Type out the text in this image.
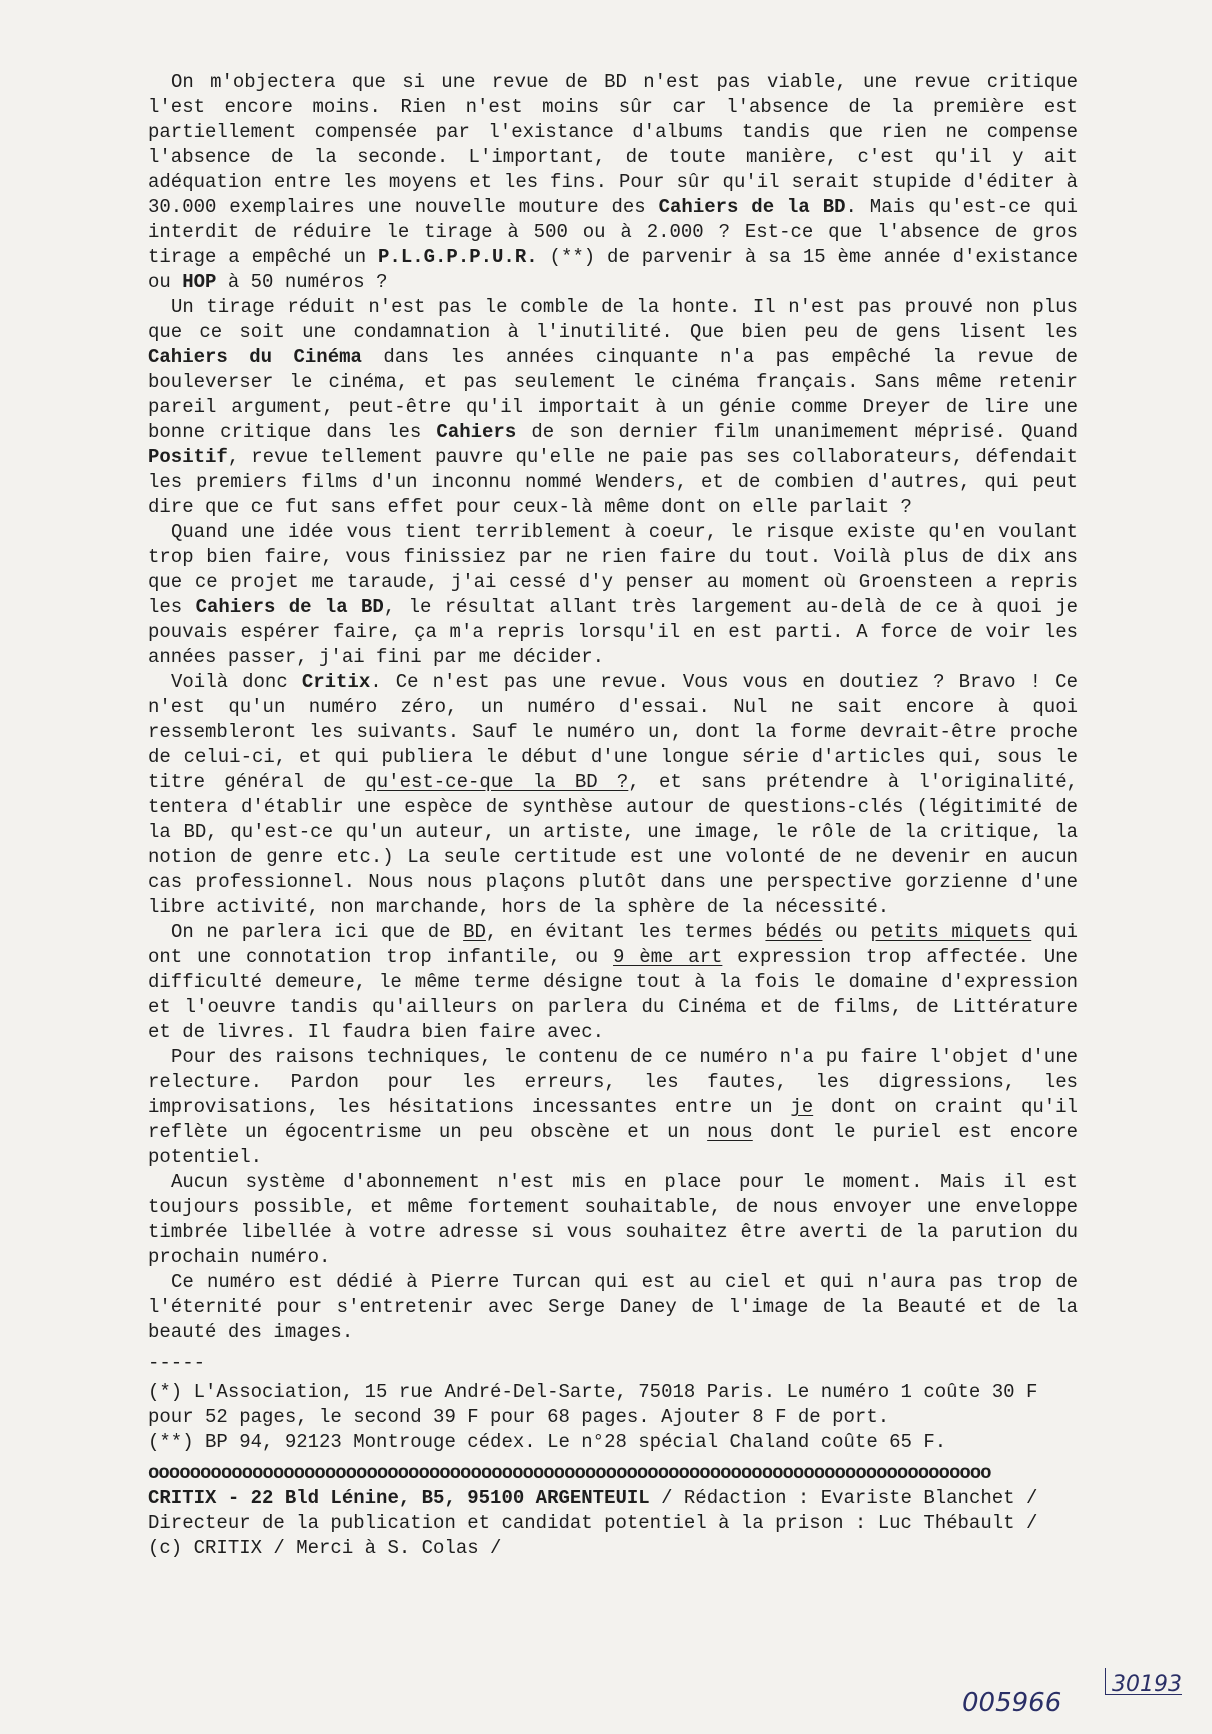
On m'objectera que si une revue de BD n'est pas viable, une revue critique l'est encore moins. Rien n'est moins sûr car l'absence de la première est partiellement compensée par l'existance d'albums tandis que rien ne compense l'absence de la seconde. L'important, de toute manière, c'est qu'il y ait adéquation entre les moyens et les fins. Pour sûr qu'il serait stupide d'éditer à 30.000 exemplaires une nouvelle mouture des Cahiers de la BD. Mais qu'est-ce qui interdit de réduire le tirage à 500 ou à 2.000 ? Est-ce que l'absence de gros tirage a empêché un P.L.G.P.P.U.R. (**) de parvenir à sa 15 ème année d'existance ou HOP à 50 numéros ?

Un tirage réduit n'est pas le comble de la honte. Il n'est pas prouvé non plus que ce soit une condamnation à l'inutilité. Que bien peu de gens lisent les Cahiers du Cinéma dans les années cinquante n'a pas empêché la revue de bouleverser le cinéma, et pas seulement le cinéma français. Sans même retenir pareil argument, peut-être qu'il importait à un génie comme Dreyer de lire une bonne critique dans les Cahiers de son dernier film unanimement méprisé. Quand Positif, revue tellement pauvre qu'elle ne paie pas ses collaborateurs, défendait les premiers films d'un inconnu nommé Wenders, et de combien d'autres, qui peut dire que ce fut sans effet pour ceux-là même dont on elle parlait ?

Quand une idée vous tient terriblement à coeur, le risque existe qu'en voulant trop bien faire, vous finissiez par ne rien faire du tout. Voilà plus de dix ans que ce projet me taraude, j'ai cessé d'y penser au moment où Groensteen a repris les Cahiers de la BD, le résultat allant très largement au-delà de ce à quoi je pouvais espérer faire, ça m'a repris lorsqu'il en est parti. A force de voir les années passer, j'ai fini par me décider.

Voilà donc Critix. Ce n'est pas une revue. Vous vous en doutiez ? Bravo ! Ce n'est qu'un numéro zéro, un numéro d'essai. Nul ne sait encore à quoi ressembleront les suivants. Sauf le numéro un, dont la forme devrait-être proche de celui-ci, et qui publiera le début d'une longue série d'articles qui, sous le titre général de qu'est-ce-que la BD ?, et sans prétendre à l'originalité, tentera d'établir une espèce de synthèse autour de questions-clés (légitimité de la BD, qu'est-ce qu'un auteur, un artiste, une image, le rôle de la critique, la notion de genre etc.) La seule certitude est une volonté de ne devenir en aucun cas professionnel. Nous nous plaçons plutôt dans une perspective gorzienne d'une libre activité, non marchande, hors de la sphère de la nécessité.

On ne parlera ici que de BD, en évitant les termes bédés ou petits miquets qui ont une connotation trop infantile, ou 9 ème art expression trop affectée. Une difficulté demeure, le même terme désigne tout à la fois le domaine d'expression et l'oeuvre tandis qu'ailleurs on parlera du Cinéma et de films, de Littérature et de livres. Il faudra bien faire avec.

Pour des raisons techniques, le contenu de ce numéro n'a pu faire l'objet d'une relecture. Pardon pour les erreurs, les fautes, les digressions, les improvisations, les hésitations incessantes entre un je dont on craint qu'il reflète un égocentrisme un peu obscène et un nous dont le puriel est encore potentiel.

Aucun système d'abonnement n'est mis en place pour le moment. Mais il est toujours possible, et même fortement souhaitable, de nous envoyer une enveloppe timbrée libellée à votre adresse si vous souhaitez être averti de la parution du prochain numéro.

Ce numéro est dédié à Pierre Turcan qui est au ciel et qui n'aura pas trop de l'éternité pour s'entretenir avec Serge Daney de l'image de la Beauté et de la beauté des images.

-----

(*) L'Association, 15 rue André-Del-Sarte, 75018 Paris. Le numéro 1 coûte 30 F pour 52 pages, le second 39 F pour 68 pages. Ajouter 8 F de port.

(**) BP 94, 92123 Montrouge cédex. Le n°28 spécial Chaland coûte 65 F.

ooooooooooooooooooooooooooooooooooooooooooooooooooooooooooooooooooooooooooooooooo

CRITIX - 22 Bld Lénine, B5, 95100 ARGENTEUIL / Rédaction : Evariste Blanchet / Directeur de la publication et candidat potentiel à la prison : Luc Thébault / (c) CRITIX / Merci à S. Colas /

005966
30193
